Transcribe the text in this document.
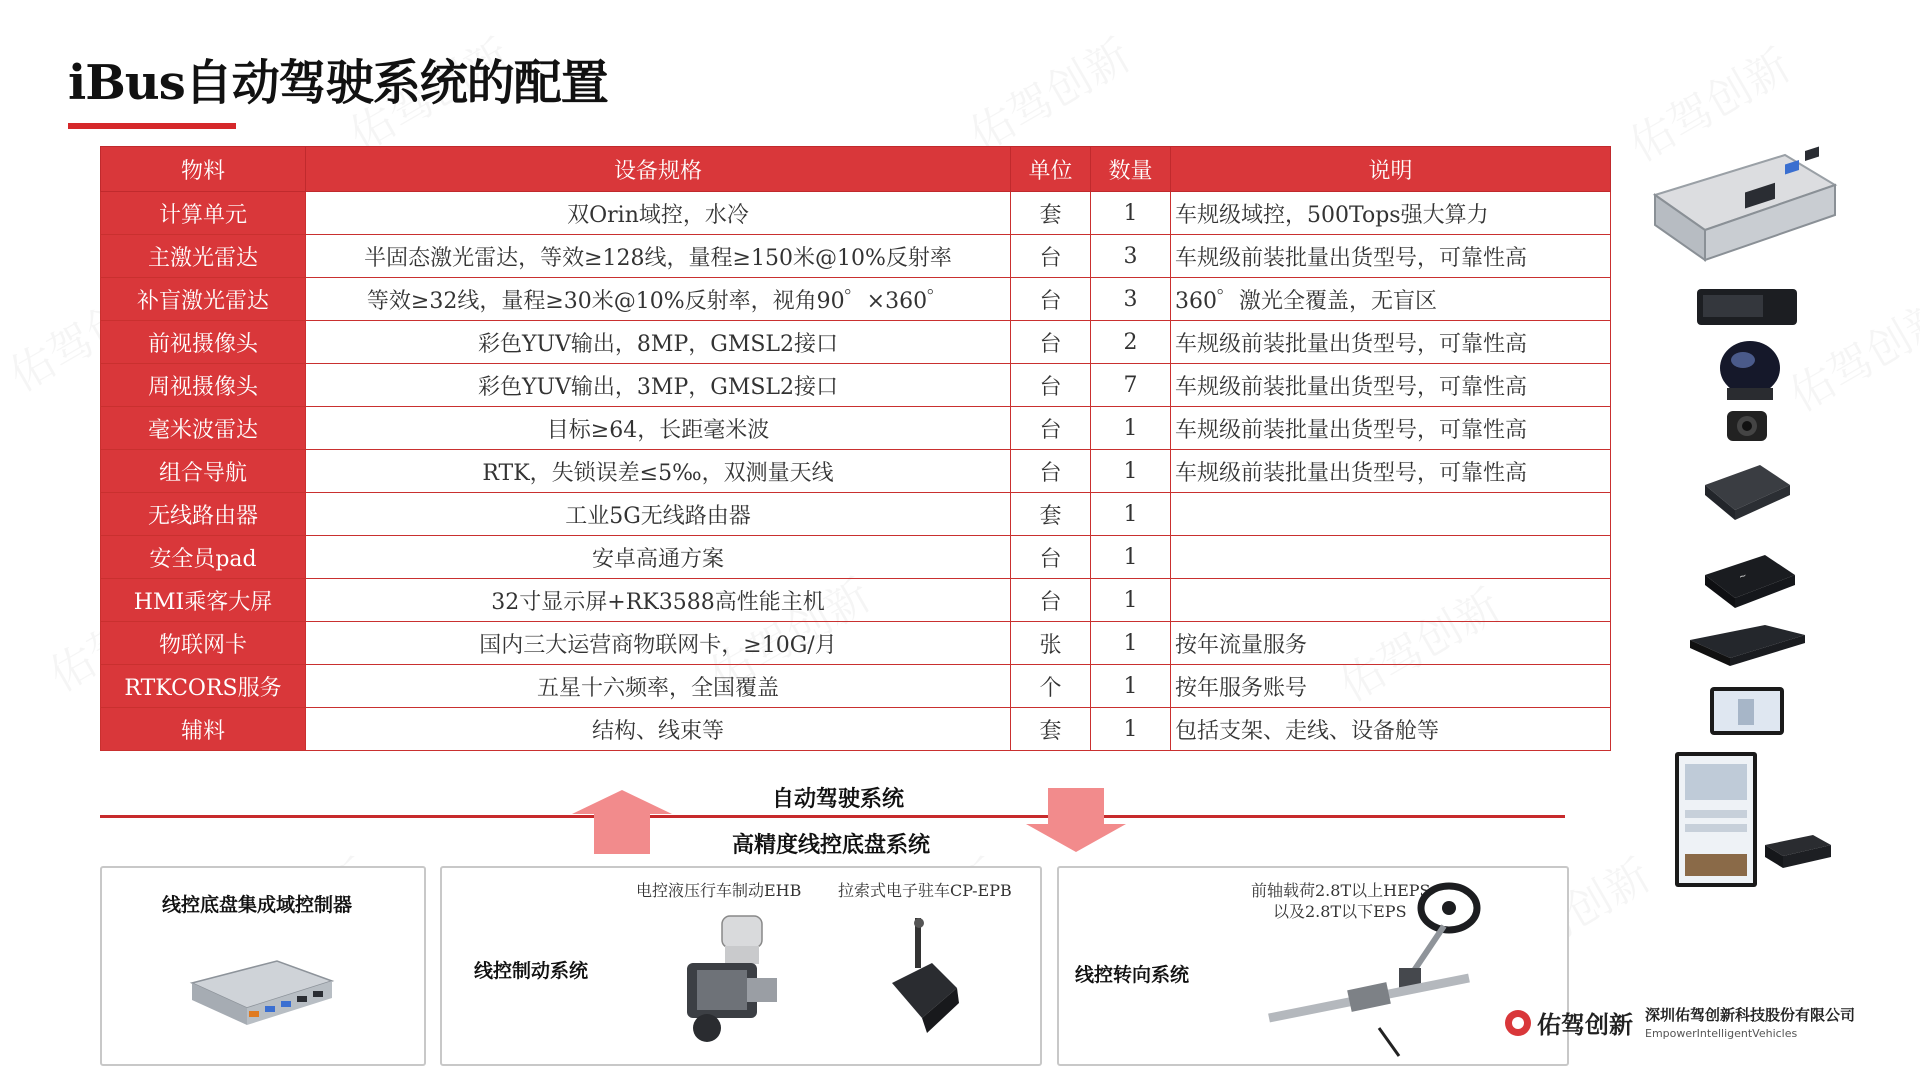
iBus自动驾驶系统的配置
物料	设备规格	单位	数量	说明
计算单元	双Orin域控，水冷	套	1	车规级域控，500Tops强大算力
主激光雷达	半固态激光雷达，等效≥128线，量程≥150米@10%反射率	台	3	车规级前装批量出货型号，可靠性高
补盲激光雷达	等效≥32线，量程≥30米@10%反射率，视角90゜×360゜	台	3	360゜激光全覆盖，无盲区
前视摄像头	彩色YUV输出，8MP，GMSL2接口	台	2	车规级前装批量出货型号，可靠性高
周视摄像头	彩色YUV输出，3MP，GMSL2接口	台	7	车规级前装批量出货型号，可靠性高
毫米波雷达	目标≥64，长距毫米波	台	1	车规级前装批量出货型号，可靠性高
组合导航	RTK，失锁误差≤5‰，双测量天线	台	1	车规级前装批量出货型号，可靠性高
无线路由器	工业5G无线路由器	套	1	
安全员pad	安卓高通方案	台	1	
HMI乘客大屏	32寸显示屏+RK3588高性能主机	台	1	
物联网卡	国内三大运营商物联网卡，≥10G/月	张	1	按年流量服务
RTKCORS服务	五星十六频率，全国覆盖	个	1	按年服务账号
辅料	结构、线束等	套	1	包括支架、走线、设备舱等
~
自动驾驶系统
高精度线控底盘系统
线控底盘集成域控制器
线控制动系统
电控液压行车制动EHB 拉索式电子驻车CP-EPB
线控转向系统
前轴载荷2.8T以上HEPS
以及2.8T以下EPS
佑驾创新 深圳佑驾创新科技股份有限公司
EmpowerIntelligentVehicles
